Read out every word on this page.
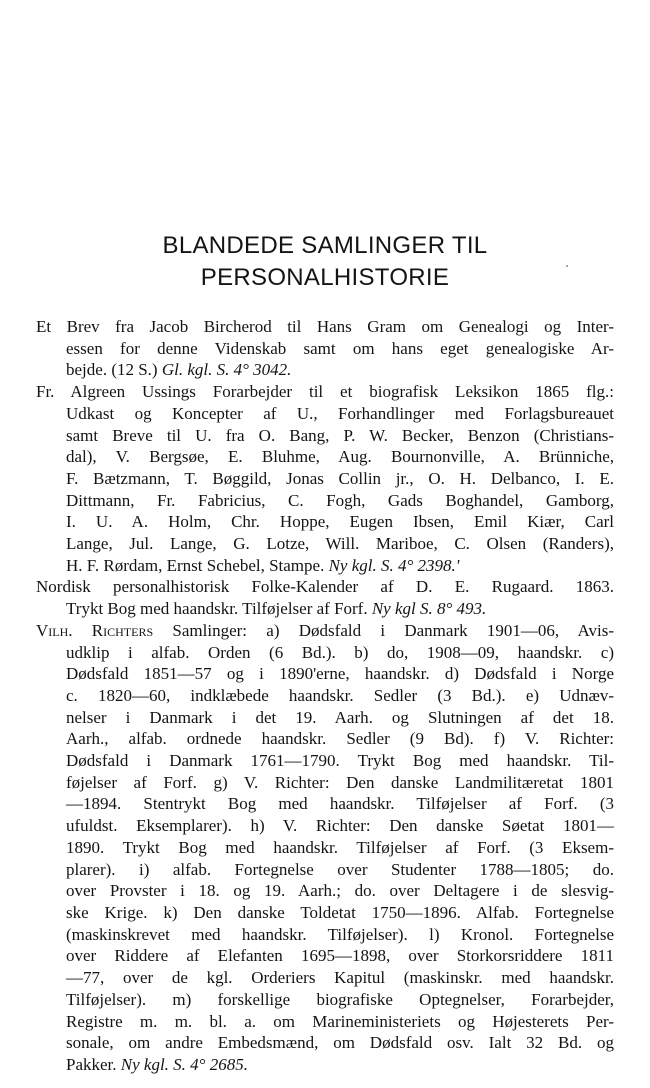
BLANDEDE SAMLINGER TIL
PERSONALHISTORIE
Et Brev fra Jacob Bircherod til Hans Gram om Genealogi og Inter-
essen for denne Videnskab samt om hans eget genealogiske Ar-
bejde. (12 S.) Gl. kgl. S. 4° 3042.
Fr. Algreen Ussings Forarbejder til et biografisk Leksikon 1865 flg.:
Udkast og Koncepter af U., Forhandlinger med Forlagsbureauet
samt Breve til U. fra O. Bang, P. W. Becker, Benzon (Christians-
dal), V. Bergsøe, E. Bluhme, Aug. Bournonville, A. Brünniche,
F. Bætzmann, T. Bøggild, Jonas Collin jr., O. H. Delbanco, I. E.
Dittmann, Fr. Fabricius, C. Fogh, Gads Boghandel, Gamborg,
I. U. A. Holm, Chr. Hoppe, Eugen Ibsen, Emil Kiær, Carl
Lange, Jul. Lange, G. Lotze, Will. Mariboe, C. Olsen (Randers),
H. F. Rørdam, Ernst Schebel, Stampe. Ny kgl. S. 4° 2398.'
Nordisk personalhistorisk Folke-Kalender af D. E. Rugaard. 1863.
Trykt Bog med haandskr. Tilføjelser af Forf. Ny kgl S. 8° 493.
Vilh. Richters Samlinger: a) Dødsfald i Danmark 1901—06, Avis-
udklip i alfab. Orden (6 Bd.). b) do, 1908—09, haandskr. c)
Dødsfald 1851—57 og i 1890'erne, haandskr. d) Dødsfald i Norge
c. 1820—60, indklæbede haandskr. Sedler (3 Bd.). e) Udnæv-
nelser i Danmark i det 19. Aarh. og Slutningen af det 18.
Aarh., alfab. ordnede haandskr. Sedler (9 Bd). f) V. Richter:
Dødsfald i Danmark 1761—1790. Trykt Bog med haandskr. Til-
føjelser af Forf. g) V. Richter: Den danske Landmilitæretat 1801
—1894. Stentrykt Bog med haandskr. Tilføjelser af Forf. (3
ufuldst. Eksemplarer). h) V. Richter: Den danske Søetat 1801—
1890. Trykt Bog med haandskr. Tilføjelser af Forf. (3 Eksem-
plarer). i) alfab. Fortegnelse over Studenter 1788—1805; do.
over Provster i 18. og 19. Aarh.; do. over Deltagere i de slesvig-
ske Krige. k) Den danske Toldetat 1750—1896. Alfab. Fortegnelse
(maskinskrevet med haandskr. Tilføjelser). l) Kronol. Fortegnelse
over Riddere af Elefanten 1695—1898, over Storkorsriddere 1811
—77, over de kgl. Orderiers Kapitul (maskinskr. med haandskr.
Tilføjelser). m) forskellige biografiske Optegnelser, Forarbejder,
Registre m. m. bl. a. om Marineministeriets og Højesterets Per-
sonale, om andre Embedsmænd, om Dødsfald osv. Ialt 32 Bd. og
Pakker. Ny kgl. S. 4° 2685.
